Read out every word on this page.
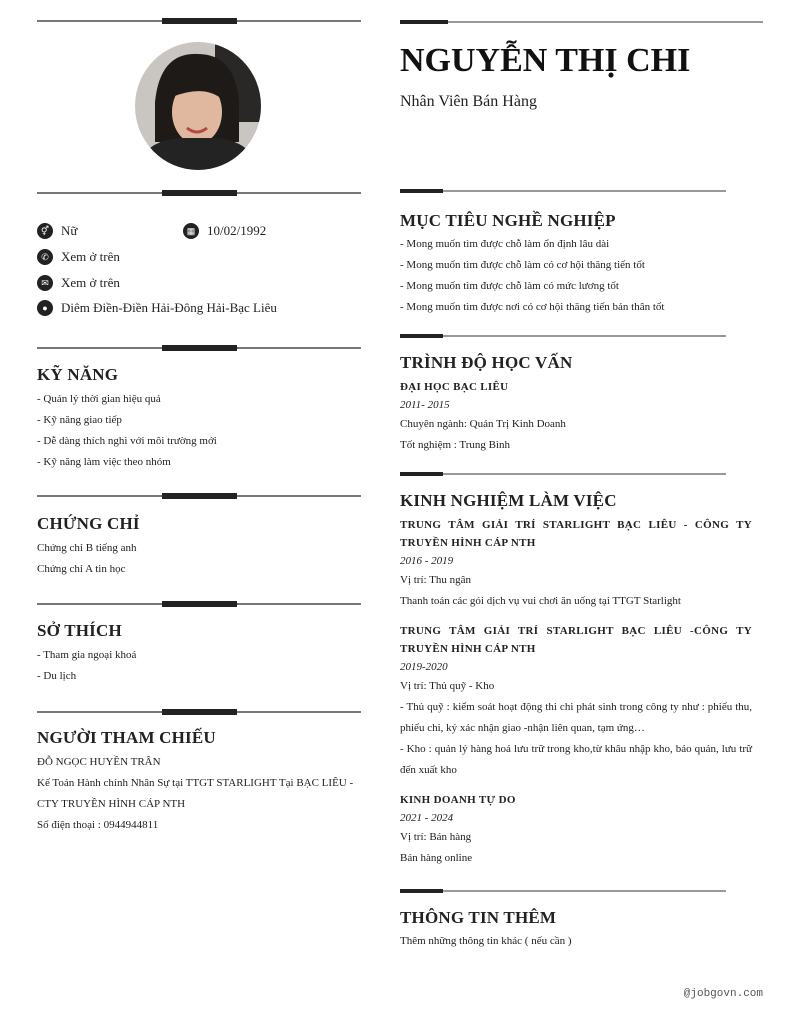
⚥ Nữ	▦ 10/02/1992
✆ Xem ở trên
✉ Xem ở trên
●	Diêm Điền-Điền Hải-Đông Hải-Bạc Liêu
KỸ NĂNG
- Quản lý thời gian hiệu quả
- Kỹ năng giao tiếp
- Dễ dàng thích nghi với môi trường mới
- Kỹ năng làm việc theo nhóm
CHỨNG CHỈ
Chứng chỉ B tiếng anh
Chứng chỉ A tin học
SỞ THÍCH
- Tham gia ngoại khoá
- Du lịch
NGƯỜI THAM CHIẾU
ĐỖ NGỌC HUYỀN TRÂN
Kế Toán Hành chính Nhân Sự tại TTGT STARLIGHT Tại BẠC LIÊU - CTY TRUYỀN HÌNH CÁP NTH
Số điện thoại : 0944944811
NGUYỄN THỊ CHI
Nhân Viên Bán Hàng
MỤC TIÊU NGHỀ NGHIỆP
- Mong muốn tìm được chỗ làm ổn định lâu dài
- Mong muốn tìm được chỗ làm có cơ hội thăng tiến tốt
- Mong muốn tìm được chỗ làm có mức lương tốt
- Mong muốn tìm được nơi có cơ hội thăng tiến bản thân tốt
TRÌNH ĐỘ HỌC VẤN
ĐẠI HỌC BẠC LIÊU
2011- 2015
Chuyên ngành: Quản Trị Kinh Doanh
Tốt nghiệm : Trung Bình
KINH NGHIỆM LÀM VIỆC
TRUNG TÂM GIẢI TRÍ STARLIGHT BẠC LIÊU - CÔNG TY TRUYỀN HÌNH CÁP NTH
2016 - 2019
Vị trí: Thu ngân
Thanh toán các gói dịch vụ vui chơi ăn uống tại TTGT Starlight
TRUNG TÂM GIẢI TRÍ STARLIGHT BẠC LIÊU -CÔNG TY TRUYỀN HÌNH CÁP NTH
2019-2020
Vị trí: Thủ quỹ - Kho
- Thủ quỹ : kiểm soát hoạt động thi chi phát sinh trong công ty như : phiếu thu, phiếu chi, ký xác nhận giao -nhận liên quan, tạm ứng…
- Kho : quản lý hàng hoá lưu trữ trong kho,từ khâu nhập kho, bảo quản, lưu trữ đến xuất kho
KINH DOANH TỰ DO
2021 - 2024
Vị trí: Bán hàng
Bán hàng online
THÔNG TIN THÊM
Thêm những thông tin khác ( nếu cần )
@jobgovn.com
